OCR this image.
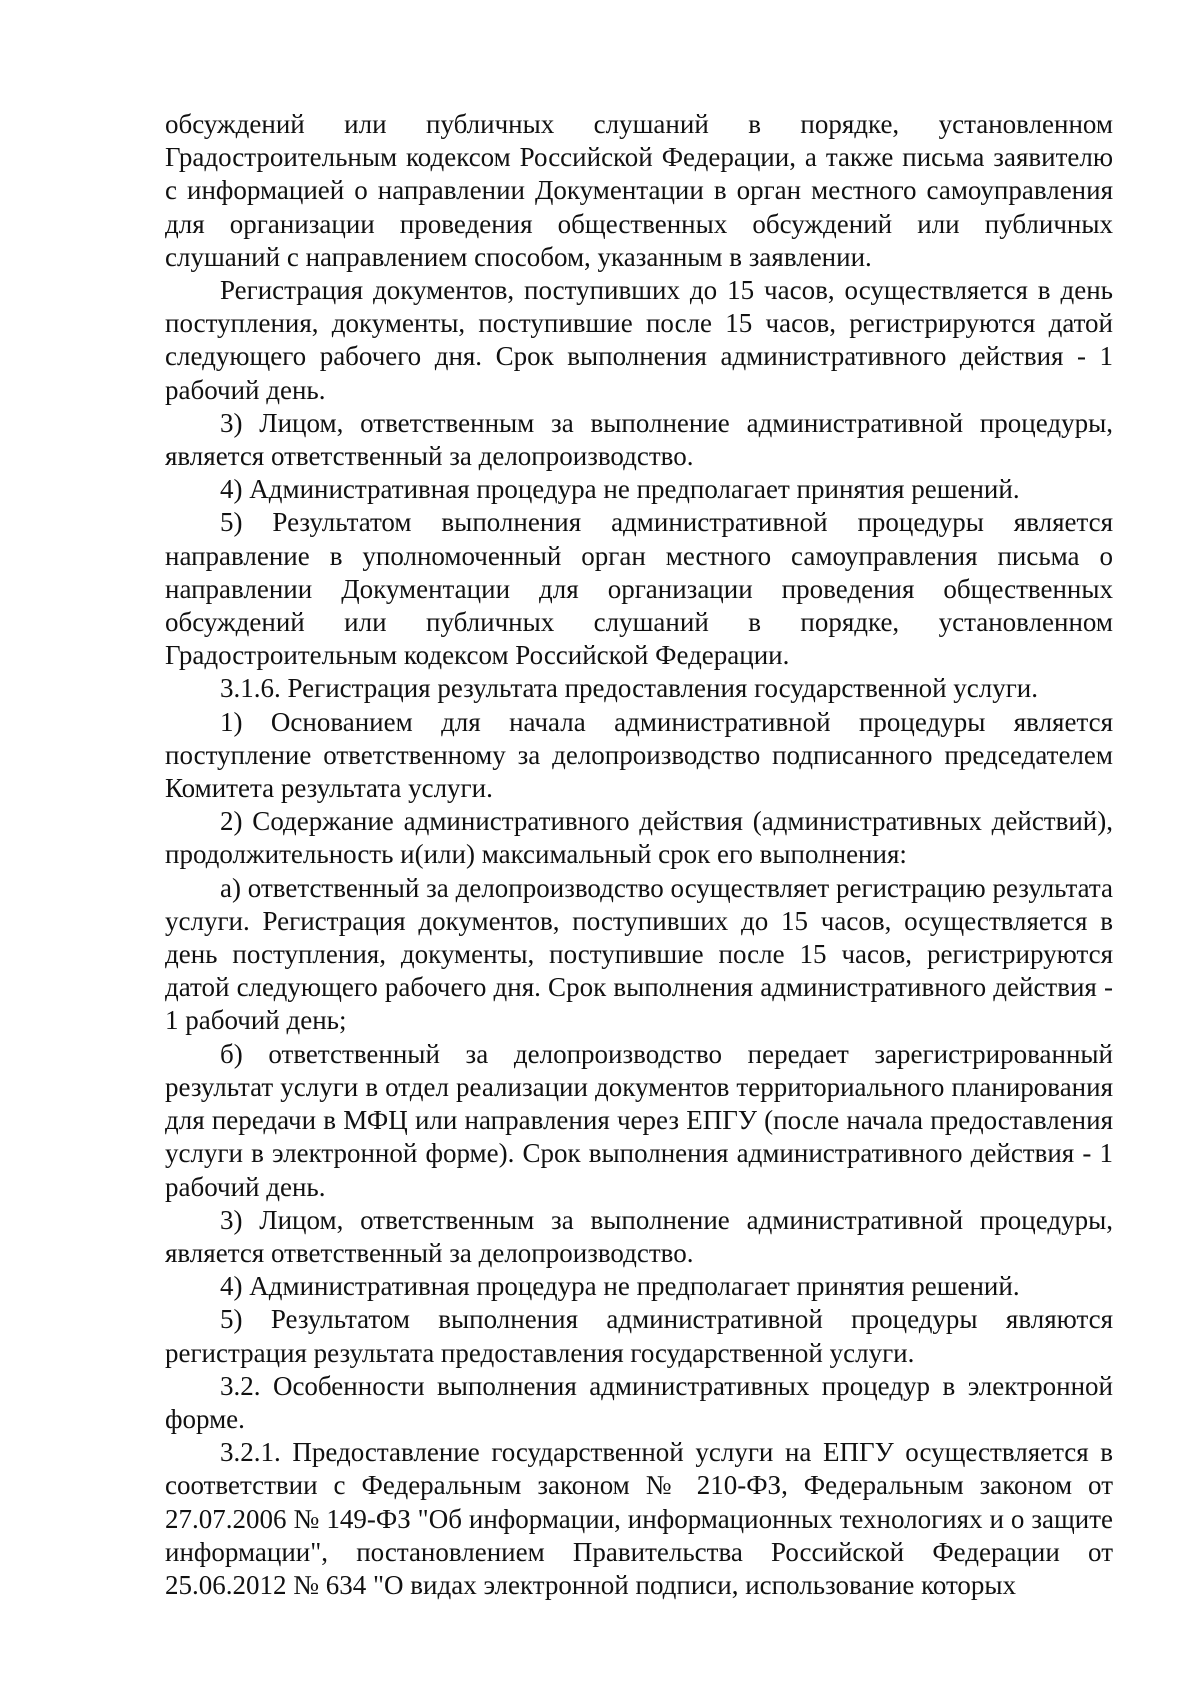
обсуждений или публичных слушаний в порядке, установленном Градостроительным кодексом Российской Федерации, а также письма заявителю с информацией о направлении Документации в орган местного самоуправления для организации проведения общественных обсуждений или публичных слушаний с направлением способом, указанным в заявлении.

Регистрация документов, поступивших до 15 часов, осуществляется в день поступления, документы, поступившие после 15 часов, регистрируются датой следующего рабочего дня. Срок выполнения административного действия - 1 рабочий день.

3) Лицом, ответственным за выполнение административной процедуры, является ответственный за делопроизводство.

4) Административная процедура не предполагает принятия решений.

5) Результатом выполнения административной процедуры является направление в уполномоченный орган местного самоуправления письма о направлении Документации для организации проведения общественных обсуждений или публичных слушаний в порядке, установленном Градостроительным кодексом Российской Федерации.

3.1.6. Регистрация результата предоставления государственной услуги.

1) Основанием для начала административной процедуры является поступление ответственному за делопроизводство подписанного председателем Комитета результата услуги.

2) Содержание административного действия (административных действий), продолжительность и(или) максимальный срок его выполнения:

а) ответственный за делопроизводство осуществляет регистрацию результата услуги. Регистрация документов, поступивших до 15 часов, осуществляется в день поступления, документы, поступившие после 15 часов, регистрируются датой следующего рабочего дня. Срок выполнения административного действия - 1 рабочий день;

б) ответственный за делопроизводство передает зарегистрированный результат услуги в отдел реализации документов территориального планирования для передачи в МФЦ или направления через ЕПГУ (после начала предоставления услуги в электронной форме). Срок выполнения административного действия - 1 рабочий день.

3) Лицом, ответственным за выполнение административной процедуры, является ответственный за делопроизводство.

4) Административная процедура не предполагает принятия решений.

5) Результатом выполнения административной процедуры являются регистрация результата предоставления государственной услуги.

3.2. Особенности выполнения административных процедур в электронной форме.

3.2.1. Предоставление государственной услуги на ЕПГУ осуществляется в соответствии с Федеральным законом № 210-ФЗ, Федеральным законом от 27.07.2006 № 149-ФЗ "Об информации, информационных технологиях и о защите информации", постановлением Правительства Российской Федерации от 25.06.2012 № 634 "О видах электронной подписи, использование которых
